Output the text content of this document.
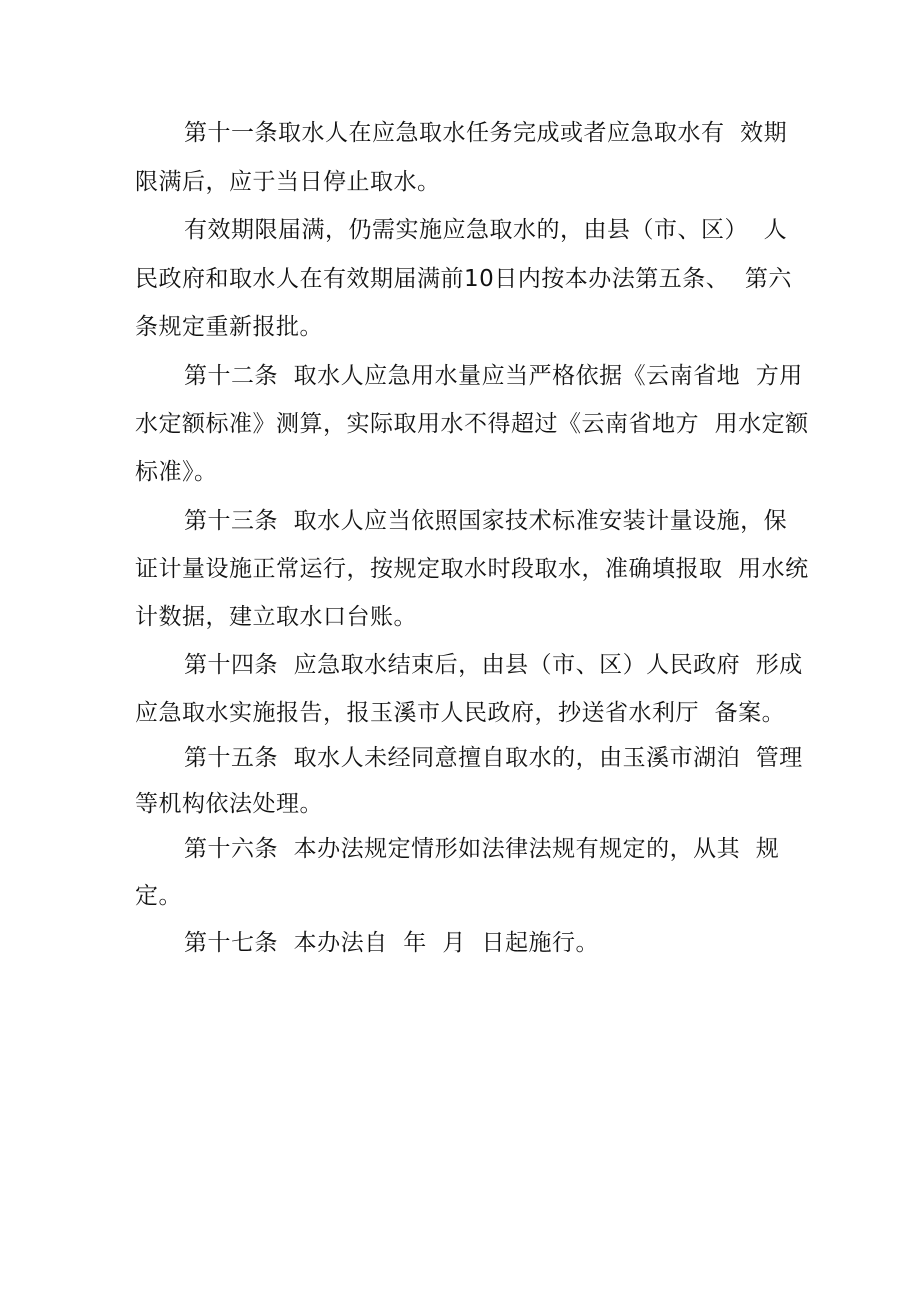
第十一条取水人在应急取水任务完成或者应急取水有  效期
限满后，应于当日停止取水。
有效期限届满，仍需实施应急取水的，由县（市、区）  人
民政府和取水人在有效期届满前10日内按本办法第五条、  第六
条规定重新报批。
第十二条  取水人应急用水量应当严格依据《云南省地  方用
水定额标准》测算，实际取用水不得超过《云南省地方  用水定额
标准》。
第十三条  取水人应当依照国家技术标准安装计量设施，保
证计量设施正常运行，按规定取水时段取水，准确填报取  用水统
计数据，建立取水口台账。
第十四条  应急取水结束后，由县（市、区）人民政府  形成
应急取水实施报告，报玉溪市人民政府，抄送省水利厅  备案。
第十五条  取水人未经同意擅自取水的，由玉溪市湖泊  管理
等机构依法处理。
第十六条  本办法规定情形如法律法规有规定的，从其  规
定。
第十七条  本办法自  年  月  日起施行。
